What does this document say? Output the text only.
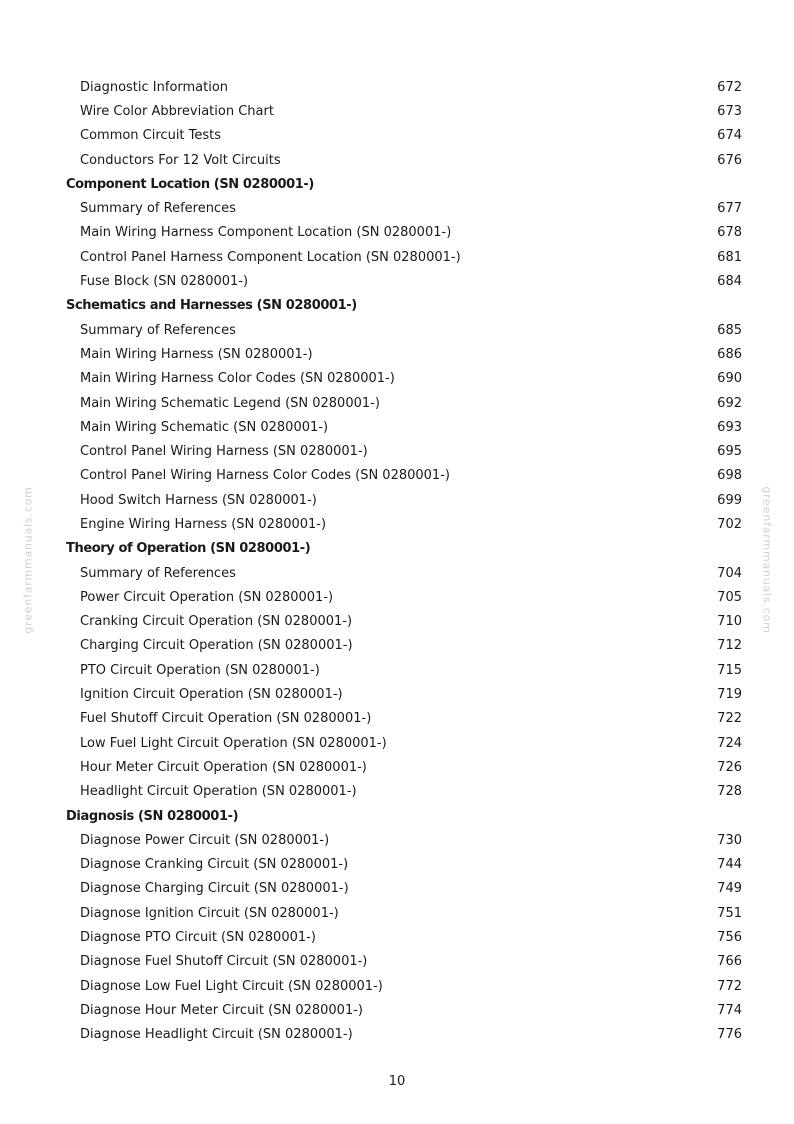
greenfarmmanuals.com	greenfarmmanuals.com
Diagnostic Information	672
Wire Color Abbreviation Chart	673
Common Circuit Tests	674
Conductors For 12 Volt Circuits	676
Component Location (SN 0280001-)
Summary of References	677
Main Wiring Harness Component Location (SN 0280001-)	678
Control Panel Harness Component Location (SN 0280001-)	681
Fuse Block (SN 0280001-)	684
Schematics and Harnesses (SN 0280001-)
Summary of References	685
Main Wiring Harness (SN 0280001-)	686
Main Wiring Harness Color Codes (SN 0280001-)	690
Main Wiring Schematic Legend (SN 0280001-)	692
Main Wiring Schematic (SN 0280001-)	693
Control Panel Wiring Harness (SN 0280001-)	695
Control Panel Wiring Harness Color Codes (SN 0280001-)	698
Hood Switch Harness (SN 0280001-)	699
Engine Wiring Harness (SN 0280001-)	702
Theory of Operation (SN 0280001-)
Summary of References	704
Power Circuit Operation (SN 0280001-)	705
Cranking Circuit Operation (SN 0280001-)	710
Charging Circuit Operation (SN 0280001-)	712
PTO Circuit Operation (SN 0280001-)	715
Ignition Circuit Operation (SN 0280001-)	719
Fuel Shutoff Circuit Operation (SN 0280001-)	722
Low Fuel Light Circuit Operation (SN 0280001-)	724
Hour Meter Circuit Operation (SN 0280001-)	726
Headlight Circuit Operation (SN 0280001-)	728
Diagnosis (SN 0280001-)
Diagnose Power Circuit (SN 0280001-)	730
Diagnose Cranking Circuit (SN 0280001-)	744
Diagnose Charging Circuit (SN 0280001-)	749
Diagnose Ignition Circuit (SN 0280001-)	751
Diagnose PTO Circuit (SN 0280001-)	756
Diagnose Fuel Shutoff Circuit (SN 0280001-)	766
Diagnose Low Fuel Light Circuit (SN 0280001-)	772
Diagnose Hour Meter Circuit (SN 0280001-)	774
Diagnose Headlight Circuit (SN 0280001-)	776
10
